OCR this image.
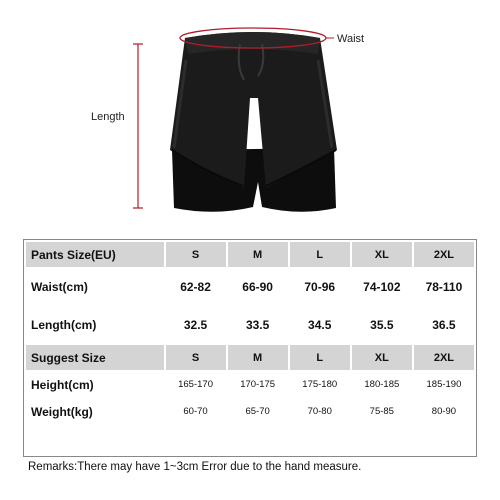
Waist
Length
Pants Size(EU)	S	M	L	XL	2XL
Waist(cm)	62-82	66-90	70-96	74-102	78-110
Length(cm)	32.5	33.5	34.5	35.5	36.5
Suggest Size	S	M	L	XL	2XL
Height(cm)	165-170	170-175	175-180	180-185	185-190
Weight(kg)	60-70	65-70	70-80	75-85	80-90
Remarks:There may have 1~3cm Error due to the hand measure.
